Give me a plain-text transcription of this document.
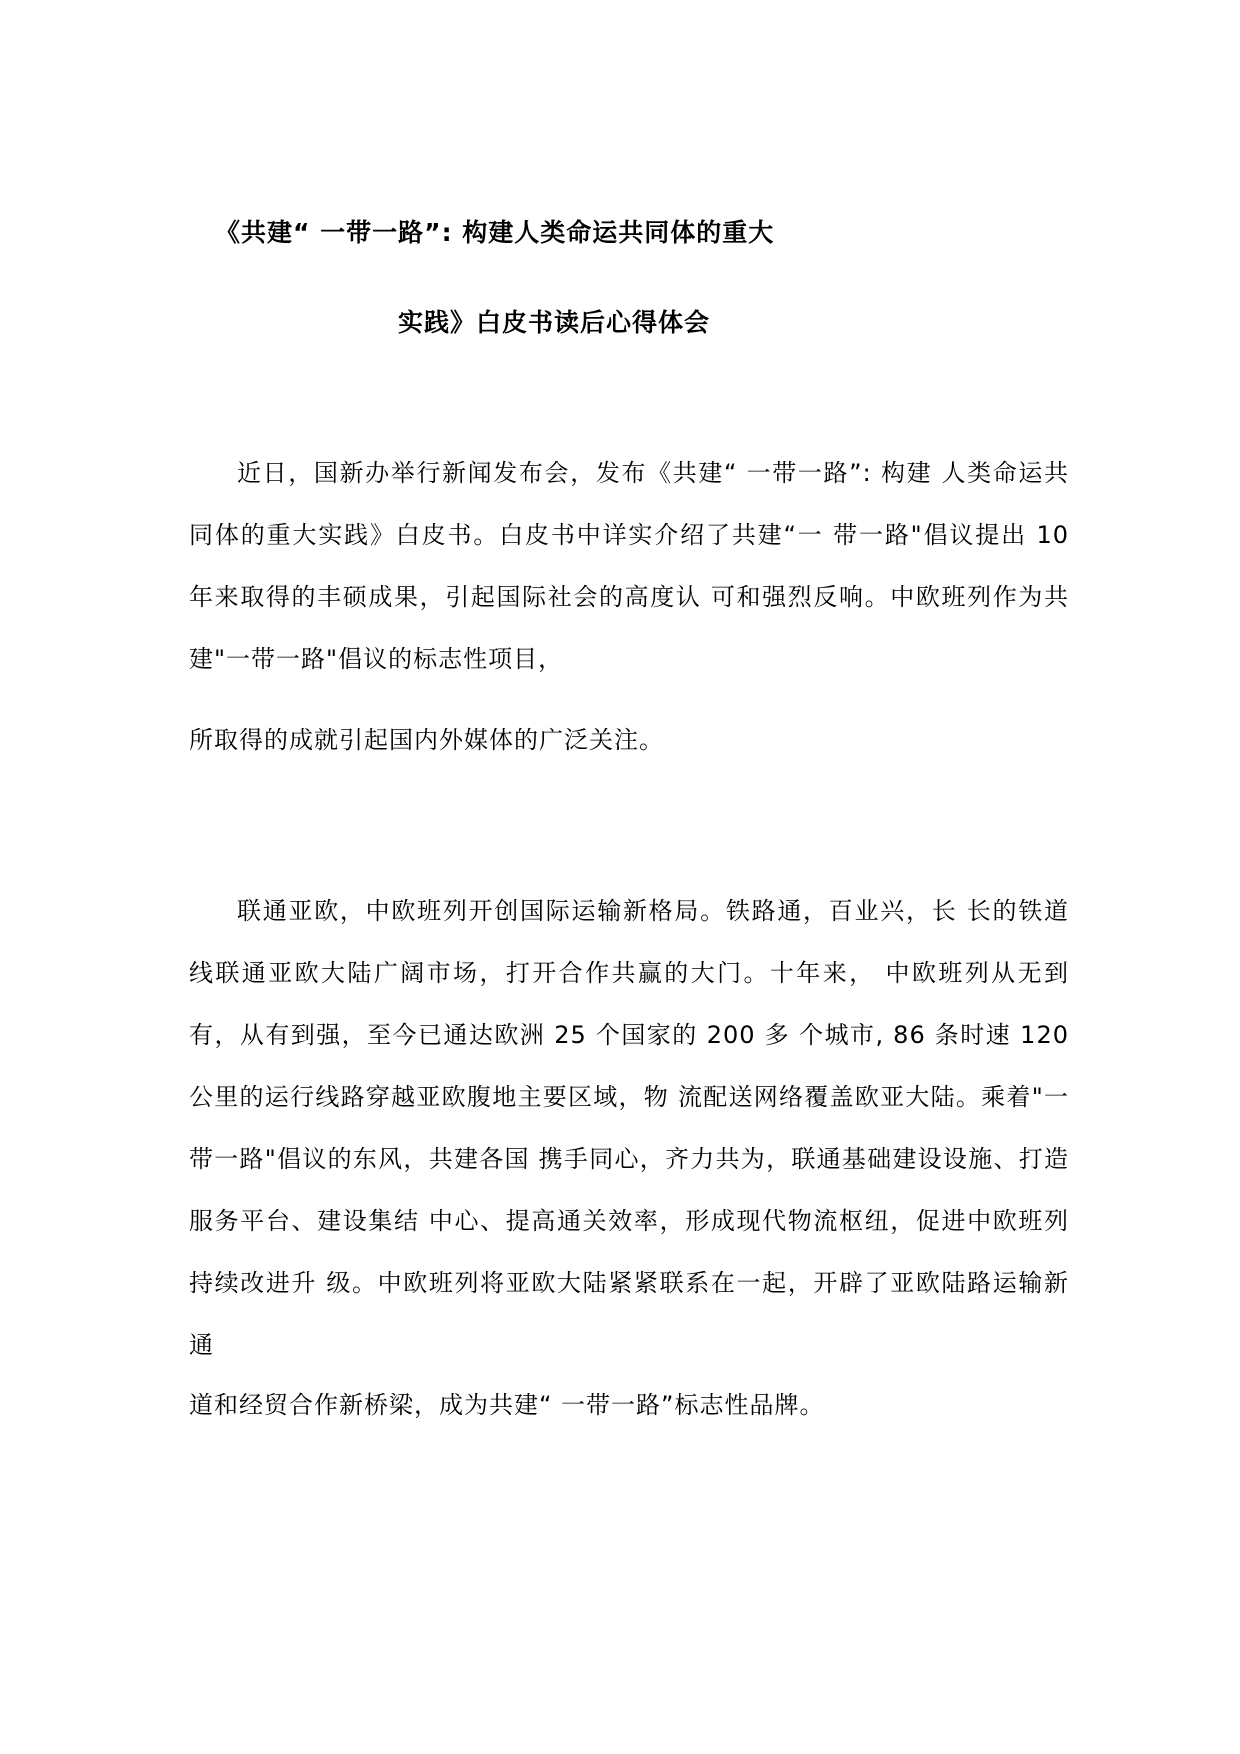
《共建“ 一带一路”: 构建人类命运共同体的重大
实践》白皮书读后心得体会

近日，国新办举行新闻发布会，发布《共建“ 一带一路”: 构建 人类命运共同体的重大实践》白皮书。白皮书中详实介绍了共建“一 带一路"倡议提出 10 年来取得的丰硕成果，引起国际社会的高度认 可和强烈反响。中欧班列作为共建"一带一路"倡议的标志性项目，

所取得的成就引起国内外媒体的广泛关注。

联通亚欧，中欧班列开创国际运输新格局。铁路通，百业兴，长 长的铁道线联通亚欧大陆广阔市场，打开合作共赢的大门。十年来， 中欧班列从无到有，从有到强，至今已通达欧洲 25 个国家的 200 多 个城市, 86 条时速 120 公里的运行线路穿越亚欧腹地主要区域，物 流配送网络覆盖欧亚大陆。乘着"一带一路"倡议的东风，共建各国 携手同心，齐力共为，联通基础建设设施、打造服务平台、建设集结 中心、提高通关效率，形成现代物流枢纽，促进中欧班列持续改进升 级。中欧班列将亚欧大陆紧紧联系在一起，开辟了亚欧陆路运输新通

道和经贸合作新桥梁，成为共建“ 一带一路”标志性品牌。
